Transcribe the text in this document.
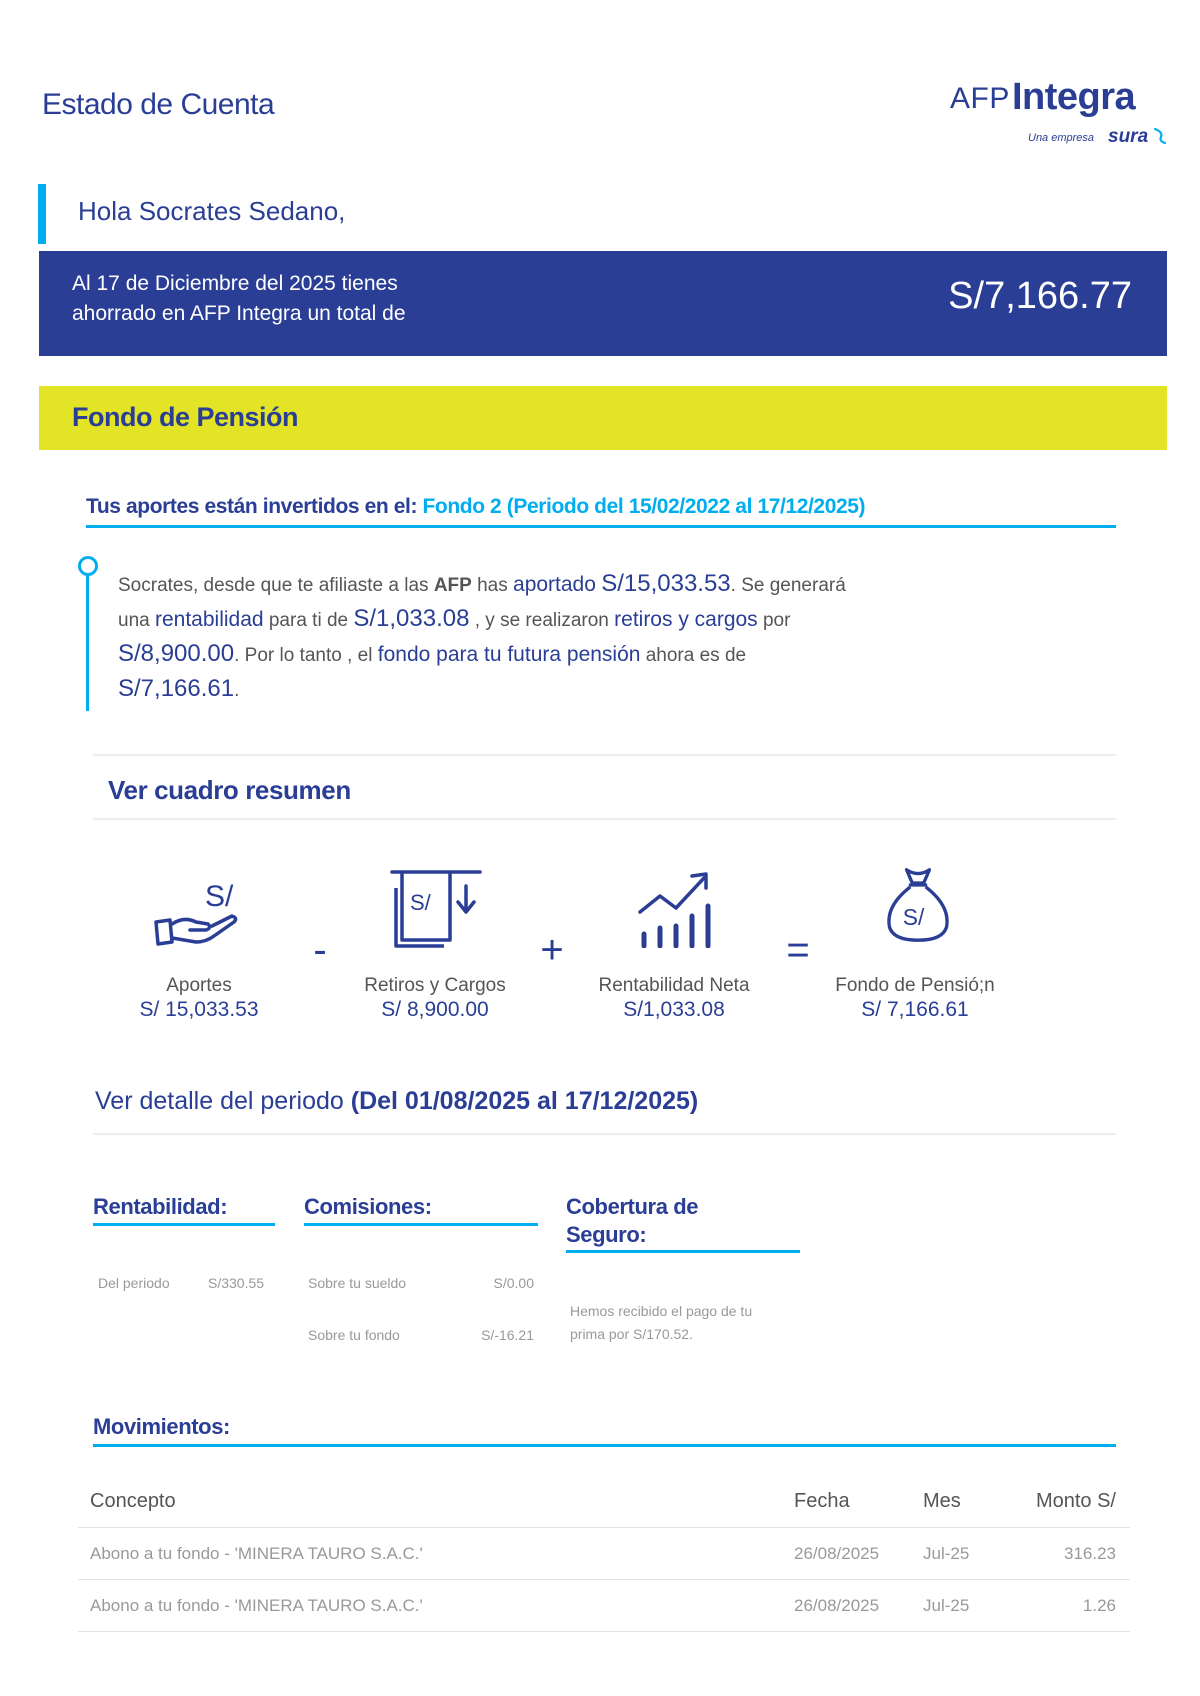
Estado de Cuenta	AFP Integra
Una empresa sura
Hola Socrates Sedano,
Al 17 de Diciembre del 2025 tienes
ahorrado en AFP Integra un total de	S/7,166.77
Fondo de Pensión
Tus aportes están invertidos en el: Fondo 2 (Periodo del 15/02/2022 al 17/12/2025)
Socrates, desde que te afiliaste a las AFP has aportado S/15,033.53. Se generará
una rentabilidad para ti de S/1,033.08 , y se realizaron retiros y cargos por
S/8,900.00. Por lo tanto , el fondo para tu futura pensión ahora es de
S/7,166.61.
Ver cuadro resumen
S/
Aportes
S/ 15,033.53
-
S/
Retiros y Cargos
S/ 8,900.00
+
Rentabilidad Neta
S/1,033.08
=
S/
Fondo de Pensió;n
S/ 7,166.61
Ver detalle del periodo (Del 01/08/2025 al 17/12/2025)
Rentabilidad:
Del periodo	S/330.55
Comisiones:
Sobre tu sueldo	S/0.00
Sobre tu fondo	S/-16.21
Cobertura de
Seguro:
Hemos recibido el pago de tu
prima por S/170.52.
Movimientos:
Concepto	Fecha	Mes	Monto S/
Abono a tu fondo - 'MINERA TAURO S.A.C.'	26/08/2025	Jul-25	316.23
Abono a tu fondo - 'MINERA TAURO S.A.C.'	26/08/2025	Jul-25	1.26
